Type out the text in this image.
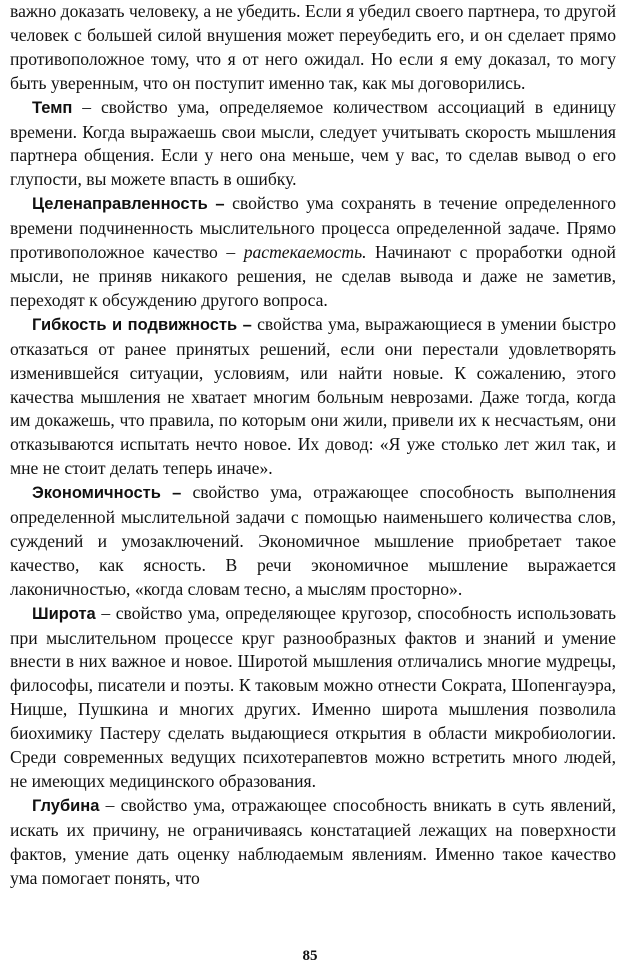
важно доказать человеку, а не убедить. Если я убедил своего партнера, то другой человек с большей силой внушения может переубедить его, и он сделает прямо противоположное тому, что я от него ожидал. Но если я ему доказал, то могу быть уверенным, что он поступит именно так, как мы договорились.

Темп – свойство ума, определяемое количеством ассоциаций в единицу времени. Когда выражаешь свои мысли, следует учитывать скорость мышления партнера общения. Если у него она меньше, чем у вас, то сделав вывод о его глупости, вы можете впасть в ошибку.

Целенаправленность – свойство ума сохранять в течение определенного времени подчиненность мыслительного процесса определенной задаче. Прямо противоположное качество – растекаемость. Начинают с проработки одной мысли, не приняв никакого решения, не сделав вывода и даже не заметив, переходят к обсуждению другого вопроса.

Гибкость и подвижность – свойства ума, выражающиеся в умении быстро отказаться от ранее принятых решений, если они перестали удовлетворять изменившейся ситуации, условиям, или найти новые. К сожалению, этого качества мышления не хватает многим больным неврозами. Даже тогда, когда им докажешь, что правила, по которым они жили, привели их к несчастьям, они отказываются испытать нечто новое. Их довод: «Я уже столько лет жил так, и мне не стоит делать теперь иначе».

Экономичность – свойство ума, отражающее способность выполнения определенной мыслительной задачи с помощью наименьшего количества слов, суждений и умозаключений. Экономичное мышление приобретает такое качество, как ясность. В речи экономичное мышление выражается лаконичностью, «когда словам тесно, а мыслям просторно».

Широта – свойство ума, определяющее кругозор, способность использовать при мыслительном процессе круг разнообразных фактов и знаний и умение внести в них важное и новое. Широтой мышления отличались многие мудрецы, философы, писатели и поэты. К таковым можно отнести Сократа, Шопенгауэра, Ницше, Пушкина и многих других. Именно широта мышления позволила биохимику Пастеру сделать выдающиеся открытия в области микробиологии. Среди современных ведущих психотерапевтов можно встретить много людей, не имеющих медицинского образования.

Глубина – свойство ума, отражающее способность вникать в суть явлений, искать их причину, не ограничиваясь констатацией лежащих на поверхности фактов, умение дать оценку наблюдаемым явлениям. Именно такое качество ума помогает понять, что

85
